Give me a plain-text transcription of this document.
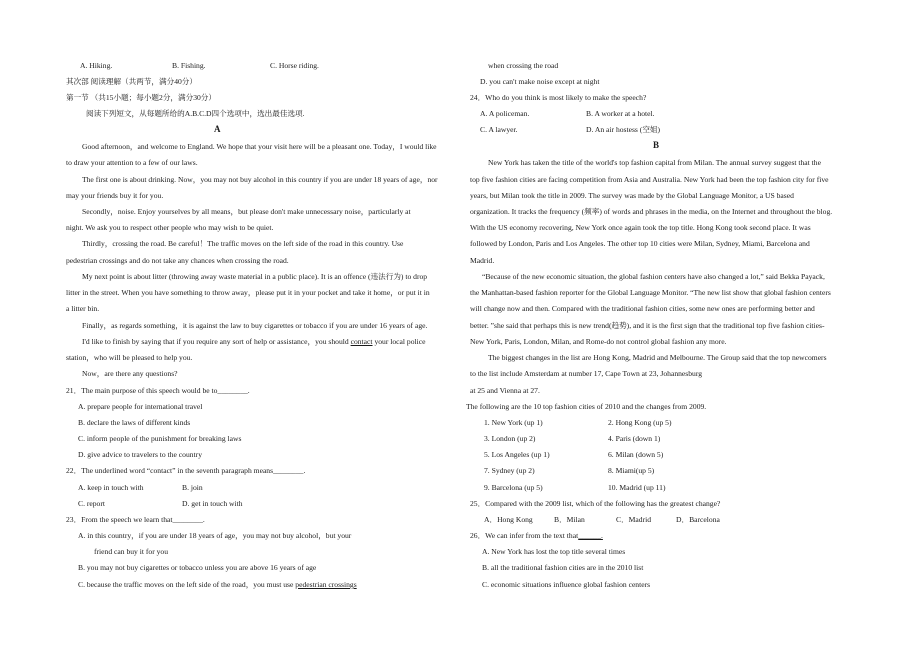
A. Hiking.	B. Fishing.	C. Horse riding.
其次部 阅读理解（共两节，满分40分）
第一节 （共15小题；每小题2分，满分30分）
阅读下列短文，从每题所给的A.B.C.D四个选项中，选出最佳选项.
A
Good afternoon，and welcome to England. We hope that your visit here will be a pleasant one. Today，I would like
to draw your attention to a few of our laws.
The first one is about drinking. Now，you may not buy alcohol in this country if you are under 18 years of age，nor
may your friends buy it for you.
Secondly，noise. Enjoy yourselves by all means，but please don't make unnecessary noise，particularly at
night. We ask you to respect other people who may wish to be quiet.
Thirdly，crossing the road. Be careful！The traffic moves on the left side of the road in this country. Use
pedestrian crossings and do not take any chances when crossing the road.
My next point is about litter (throwing away waste material in a public place). It is an offence (违法行为) to drop
litter in the street. When you have something to throw away，please put it in your pocket and take it home，or put it in
a litter bin.
Finally，as regards something，it is against the law to buy cigarettes or tobacco if you are under 16 years of age.
I'd like to finish by saying that if you require any sort of help or assistance，you should contact your local police
station，who will be pleased to help you.
Now，are there any questions?
21．The main purpose of this speech would be to________.
A. prepare people for international travel
B. declare the laws of different kinds
C. inform people of the punishment for breaking laws
D. give advice to travelers to the country
22．The underlined word “contact” in the seventh paragraph means________.
A. keep in touch with	B. join
C. report	D. get in touch with
23．From the speech we learn that________.
A. in this country，if you are under 18 years of age，you may not buy alcohol，but your
friend can buy it for you
B. you may not buy cigarettes or tobacco unless you are above 16 years of age
C. because the traffic moves on the left side of the road，you must use pedestrian crossings
when crossing the road
D. you can't make noise except at night
24．Who do you think is most likely to make the speech?
A. A policeman.	B. A worker at a hotel.
C. A lawyer.	D. An air hostess (空姐)
B
New York has taken the title of the world's top fashion capital from Milan. The annual survey suggest that the
top five fashion cities are facing competition from Asia and Australia. New York had been the top fashion city for five
years, but Milan took the title in 2009. The survey was made by the Global Language Monitor, a US based
organization. It tracks the frequency (频率) of words and phrases in the media, on the Internet and throughout the blog.
With the US economy recovering, New York once again took the top title. Hong Kong took second place. It was
followed by London, Paris and Los Angeles. The other top 10 cities were Milan, Sydney, Miami, Barcelona and
Madrid.
“Because of the new economic situation, the global fashion centers have also changed a lot,” said Bekka Payack,
the Manhattan-based fashion reporter for the Global Language Monitor. “The new list show that global fashion centers
will change now and then. Compared with the traditional fashion cities, some new ones are performing better and
better. ”she said that perhaps this is new trend(趋势), and it is the first sign that the traditional top five fashion cities-
New York, Paris, London, Milan, and Rome-do not control global fashion any more.
The biggest changes in the list are Hong Kong, Madrid and Melbourne. The Group said that the top newcomers
to the list include Amsterdam at number 17, Cape Town at 23, Johannesburg
at 25 and Vienna at 27.
The following are the 10 top fashion cities of 2010 and the changes from 2009.
1. New York (up 1)	2. Hong Kong (up 5)
3. London (up 2)	4. Paris (down 1)
5. Los Angeles (up 1)	6. Milan (down 5)
7. Sydney (up 2)	8. Miami(up 5)
9. Barcelona (up 5)	10. Madrid (up 11)
25．Compared with the 2009 list, which of the following has the greatest change?
A．Hong Kong	B．Milan	C．Madrid	D．Barcelona
26．We can infer from the text that______.
A. New York has lost the top title several times
B. all the traditional fashion cities are in the 2010 list
C. economic situations influence global fashion centers
